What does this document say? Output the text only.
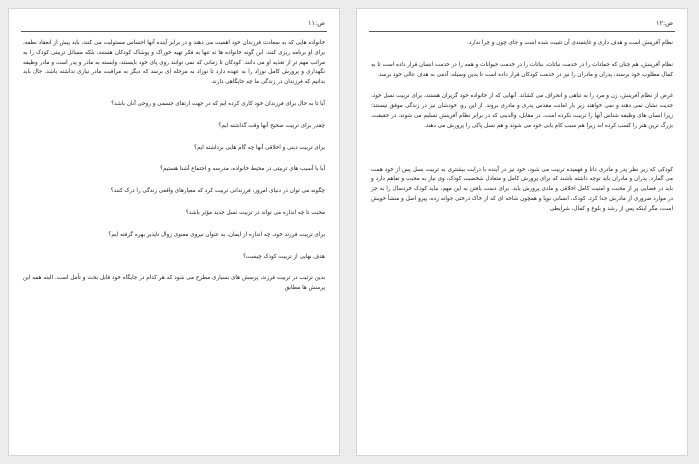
ص:۱۱

خانواده هایی که به سعادت فرزندان خود اهمیت می دهند و در برابر آینده آنها احساس مسئولیت می کنند، باید پیش از انعقاد نطفه، برای او برنامه ریزی کنند. این گونه خانواده ها نه تنها به فکر تهیه خوراک و پوشاک کودکان هستند، بلکه مسائل تربیتی کودک را به مراتب مهم تر از تغذیه او می دانند. کودکان تا زمانی که نمی توانند روی پای خود بایستند، وابسته به مادر و پدر است و مادر وظیفه نگهداری و پرورش کامل نوزاد را به عهده دارد تا نوزاد به مرحله ای برسد که دیگر به مراقبت مادر نیازی نداشته باشد. حال باید بدانیم که فرزندان در زندگی ما چه جایگاهی دارند.

آیا تا به حال برای فرزندان خود کاری کرده ایم که در جهت ارتقای جسمی و روحی آنان باشد؟

چقدر برای تربیت صحیح آنها وقت گذاشته ایم؟

برای تربیت دینی و اخلاقی آنها چه گام هایی برداشته ایم؟

آیا با آسیب های تربیتی در محیط خانواده، مدرسه و اجتماع آشنا هستیم؟

چگونه می توان در دنیای امروز، فرزندانی تربیت کرد که معیارهای واقعی زندگی را درک کنند؟

محبت تا چه اندازه می تواند در تربیت نسل جدید مؤثر باشد؟

برای تربیت فرزند خود، چه اندازه از ایمان، به عنوان نیروی معنوی زوال ناپذیر بهره گرفته ایم؟

هدف نهایی از تربیت کودک چیست؟

بدین ترتیب در تربیت فرزند، پرسش های بسیاری مطرح می شود که هر کدام در جایگاه خود قابل بحث و تأمل است. البته همه این پرسش ها مطابق

ص:۱۲

نظام آفرینش است و هدف داری و غایتمندی آن تثبیت شده است و جای چون و چرا ندارد.

نظام آفرینش، هم چنان که جمادات را در خدمت نباتات، نباتات را در خدمت حیوانات و همه را در خدمت انسان قرار داده است تا به کمال مطلوب خود برسند، پدران و مادران را نیز در خدمت کودکان قرار داده است تا بدین وسیله، آدمی به هدف عالی خود برسد.

غرض از نظام آفرینش، زن و مرد را به تباهی و انحراف می کشاند. آنهایی که از خانواده خود گریزان هستند، برای تربیت نسل خود، جدیت نشان نمی دهند و نمی خواهند زیر بار امانت مقدس پدری و مادری بروند. از این رو، خودشان نیز در زندگی موفق نیستند؛ زیرا انسان های وظیفه شناس آنها را تربیت نکرده است. در مقابل، والدینی که در برابر نظام آفرینش تسلیم می شوند، در حقیقت، بزرگ ترین هنر را کسب کرده اند زیرا هم سبب کام یابی خود می شوند و هم نسل پاکی را پرورش می دهند.

کودکی که زیر نظر پدر و مادری دانا و فهمیده تربیت می شود، خود نیز در آینده با درایت بیشتری به تربیت نسل پس از خود همت می گمارد. پدران و مادران باید توجه داشته باشند که برای پرورش کامل و متعادل شخصیت کودک، وی نیاز به محبت و تفاهم دارد و باید در فضایی پر از محبت و امنیت کامل اخلاقی و مادی پرورش یابد. برای دست یافتن به این مهم، نباید کودک خردسال را به جز در موارد ضروری از مادرش جدا کرد. کودک، انسانی نوپا و همچون شاخه ای که از خاک درختی جوانه زده، پیرو اصل و منشأ خویش است، مگر اینکه پس از رشد و بلوغ و کمال، شرایطی
